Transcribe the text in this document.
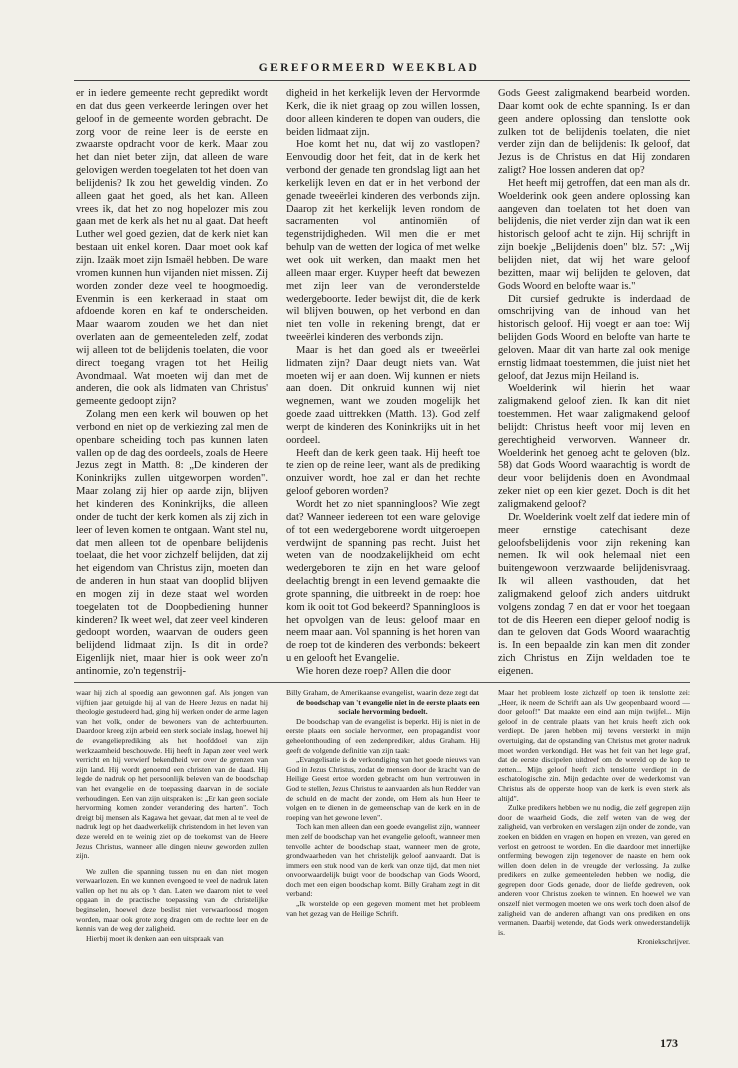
GEREFORMEERD WEEKBLAD

er in iedere gemeente recht gepredikt wordt en dat dus geen verkeerde leringen over het geloof in de gemeente worden gebracht. De zorg voor de reine leer is de eerste en zwaarste opdracht voor de kerk. Maar zou het dan niet beter zijn, dat alleen de ware gelovigen werden toegelaten tot het doen van belijdenis? Ik zou het geweldig vinden. Zo alleen gaat het goed, als het kan. Alleen vrees ik, dat het zo nog hopelozer mis zou gaan met de kerk als het nu al gaat. Dat heeft Luther wel goed gezien, dat de kerk niet kan bestaan uit enkel koren. Daar moet ook kaf zijn. Izaäk moet zijn Ismaël hebben. De ware vromen kunnen hun vijanden niet missen. Zij worden zonder deze veel te hoogmoedig. Evenmin is een kerkeraad in staat om afdoende koren en kaf te onderscheiden. Maar waarom zouden we het dan niet overlaten aan de gemeenteleden zelf, zodat wij alleen tot de belijdenis toelaten, die voor direct toegang vragen tot het Heilig Avondmaal. Wat moeten wij dan met de anderen, die ook als lidmaten van Christus' gemeente gedoopt zijn?

Zolang men een kerk wil bouwen op het verbond en niet op de verkiezing zal men de openbare scheiding toch pas kunnen laten vallen op de dag des oordeels, zoals de Heere Jezus zegt in Matth. 8: „De kinderen der Koninkrijks zullen uitgeworpen worden". Maar zolang zij hier op aarde zijn, blijven het kinderen des Koninkrijks, die alleen onder de tucht der kerk komen als zij zich in leer of leven komen te ontgaan. Want stel nu, dat men alleen tot de openbare belijdenis toelaat, die het voor zichzelf belijden, dat zij het eigendom van Christus zijn, moeten dan de anderen in hun staat van dooplid blijven en mogen zij in deze staat wel worden toegelaten tot de Doopbediening hunner kinderen? Ik weet wel, dat zeer veel kinderen gedoopt worden, waarvan de ouders geen belijdend lidmaat zijn. Is dit in orde? Eigenlijk niet, maar hier is ook weer zo'n antinomie, zo'n tegenstrij-

digheid in het kerkelijk leven der Hervormde Kerk, die ik niet graag op zou willen lossen, door alleen kinderen te dopen van ouders, die beiden lidmaat zijn.

Hoe komt het nu, dat wij zo vastlopen? Eenvoudig door het feit, dat in de kerk het verbond der genade ten grondslag ligt aan het kerkelijk leven en dat er in het verbond der genade tweeërlei kinderen des verbonds zijn. Daarop zit het kerkelijk leven rondom de sacramenten vol antinomiën of tegenstrijdigheden. Wil men die er met behulp van de wetten der logica of met welke wet ook uit werken, dan maakt men het alleen maar erger. Kuyper heeft dat bewezen met zijn leer van de veronderstelde wedergeboorte. Ieder bewijst dit, die de kerk wil blijven bouwen, op het verbond en dan niet ten volle in rekening brengt, dat er tweeërlei kinderen des verbonds zijn.

Maar is het dan goed als er tweeërlei lidmaten zijn? Daar deugt niets van. Wat moeten wij er aan doen. Wij kunnen er niets aan doen. Dit onkruid kunnen wij niet wegnemen, want we zouden mogelijk het goede zaad uittrekken (Matth. 13). God zelf werpt de kinderen des Koninkrijks uit in het oordeel.

Heeft dan de kerk geen taak. Hij heeft toe te zien op de reine leer, want als de prediking onzuiver wordt, hoe zal er dan het rechte geloof geboren worden?

Wordt het zo niet spanningloos? Wie zegt dat? Wanneer iedereen tot een ware gelovige of tot een wedergeborene wordt uitgeroepen verdwijnt de spanning pas recht. Juist het weten van de noodzakelijkheid om echt wedergeboren te zijn en het ware geloof deelachtig brengt in een levend gemaakte die grote spanning, die uitbreekt in de roep: hoe kom ik ooit tot God bekeerd? Spanningloos is het opvolgen van de leus: geloof maar en neem maar aan. Vol spanning is het horen van de roep tot de kinderen des verbonds: bekeert u en gelooft het Evangelie.

Wie horen deze roep? Allen die door

Gods Geest zaligmakend bearbeid worden. Daar komt ook de echte spanning. Is er dan geen andere oplossing dan tenslotte ook zulken tot de belijdenis toelaten, die niet verder zijn dan de belijdenis: Ik geloof, dat Jezus is de Christus en dat Hij zondaren zaligt? Hoe lossen anderen dat op?

Het heeft mij getroffen, dat een man als dr. Woelderink ook geen andere oplossing kan aangeven dan toelaten tot het doen van belijdenis, die niet verder zijn dan wat ik een historisch geloof acht te zijn. Hij schrijft in zijn boekje „Belijdenis doen" blz. 57: „Wij belijden niet, dat wij het ware geloof bezitten, maar wij belijden te geloven, dat Gods Woord en belofte waar is."

Dit cursief gedrukte is inderdaad de omschrijving van de inhoud van het historisch geloof. Hij voegt er aan toe: Wij belijden Gods Woord en belofte van harte te geloven. Maar dit van harte zal ook menige ernstig lidmaat toestemmen, die juist niet het geloof, dat Jezus mijn Heiland is.

Woelderink wil hierin het waar zaligmakend geloof zien. Ik kan dit niet toestemmen. Het waar zaligmakend geloof belijdt: Christus heeft voor mij leven en gerechtigheid verworven. Wanneer dr. Woelderink het genoeg acht te geloven (blz. 58) dat Gods Woord waarachtig is wordt de deur voor belijdenis doen en Avondmaal zeker niet op een kier gezet. Doch is dit het zaligmakend geloof?

Dr. Woelderink voelt zelf dat iedere min of meer ernstige catechisant deze geloofsbelijdenis voor zijn rekening kan nemen. Ik wil ook helemaal niet een buitengewoon verzwaarde belijdenisvraag. Ik wil alleen vasthouden, dat het zaligmakend geloof zich anders uitdrukt volgens zondag 7 en dat er voor het toegaan tot de dis Heeren een dieper geloof nodig is dan te geloven dat Gods Woord waarachtig is. In een bepaalde zin kan men dit zonder zich Christus en Zijn weldaden toe te eigenen.

waar hij zich al spoedig aan gewonnen gaf. Als jongen van vijftien jaar getuigde hij al van de Heere Jezus en nadat hij theologie gestudeerd had, ging hij werken onder de arme lagen van het volk, onder de bewoners van de achterbuurten. Daardoor kreeg zijn arbeid een sterk sociale inslag, hoewel hij de evangelieprediking als het hoofddoel van zijn werkzaamheid beschouwde. Hij heeft in Japan zeer veel werk verricht en hij verwierf bekendheid ver over de grenzen van zijn land. Hij wordt genoemd een christen van de daad. Hij legde de nadruk op het persoonlijk beleven van de boodschap van het evangelie en de toepassing daarvan in de sociale verhoudingen. Een van zijn uitspraken is: „Er kan geen sociale hervorming komen zonder verandering des harten". Toch dreigt bij mensen als Kagawa het gevaar, dat men al te veel de nadruk legt op het daadwerkelijk christendom in het leven van deze wereld en te weinig ziet op de toekomst van de Heere Jezus Christus, wanneer alle dingen nieuw geworden zullen zijn.

We zullen die spanning tussen nu en dan niet mogen verwaarlozen. En we kunnen evengoed te veel de nadruk laten vallen op het nu als op 't dan. Laten we daarom niet te veel opgaan in de practische toepassing van de christelijke beginselen, hoewel deze beslist niet verwaarloosd mogen worden, maar ook grote zorg dragen om de rechte leer en de kennis van de weg der zaligheid.

Hierbij moet ik denken aan een uitspraak van

Billy Graham, de Amerikaanse evangelist, waarin deze zegt dat

de boodschap van 't evangelie niet in de eerste plaats een sociale hervorming bedoelt.

De boodschap van de evangelist is beperkt. Hij is niet in de eerste plaats een sociale hervormer, een propagandist voor geheelonthouding of een zedenprediker, aldus Graham. Hij geeft de volgende definitie van zijn taak:

„Evangelisatie is de verkondiging van het goede nieuws van God in Jezus Christus, zodat de mensen door de kracht van de Heilige Geest ertoe worden gebracht om hun vertrouwen in God te stellen, Jezus Christus te aanvaarden als hun Redder van de schuld en de macht der zonde, om Hem als hun Heer te volgen en te dienen in de gemeenschap van de kerk en in de roeping van het gewone leven".

Toch kan men alleen dan een goede evangelist zijn, wanneer men zelf de boodschap van het evangelie gelooft, wanneer men tenvolle achter de boodschap staat, wanneer men de grote, grondwaarheden van het christelijk geloof aanvaardt. Dat is immers een stuk nood van de kerk van onze tijd, dat men niet onvoorwaardelijk buigt voor de boodschap van Gods Woord, doch met een eigen boodschap komt. Billy Graham zegt in dit verband:

„Ik worstelde op een gegeven moment met het probleem van het gezag van de Heilige Schrift.

Maar het probleem loste zichzelf op toen ik tenslotte zei: „Heer, ik neem de Schrift aan als Uw geopenbaard woord — door geloof!" Dat maakte een eind aan mijn twijfel... Mijn geloof in de centrale plaats van het kruis heeft zich ook verdiept. De jaren hebben mij tevens versterkt in mijn overtuiging, dat de opstanding van Christus met groter nadruk moet worden verkondigd. Het was het feit van het lege graf, dat de eerste discipelen uitdreef om de wereld op de kop te zetten... Mijn geloof heeft zich tenslotte verdiept in de eschatologische zin. Mijn gedachte over de wederkomst van Christus als de opperste hoop van de kerk is even sterk als altijd".

Zulke predikers hebben we nu nodig, die zelf gegrepen zijn door de waarheid Gods, die zelf weten van de weg der zaligheid, van verbroken en verslagen zijn onder de zonde, van zoeken en bidden en vragen en hopen en vrezen, van gered en verlost en getroost te worden. En die daardoor met innerlijke ontferming bewogen zijn tegenover de naaste en hem ook willen doen delen in de vreugde der verlossing. Ja zulke predikers en zulke gemeenteleden hebben we nodig, die gegrepen door Gods genade, door de liefde gedreven, ook anderen voor Christus zoeken te winnen. En hoewel we van onszelf niet vermogen moeten we ons werk toch doen alsof de zaligheid van de anderen afhangt van ons prediken en ons vermanen. Daarbij wetende, dat Gods werk onwederstandelijk is.

Kroniekschrijver.

173
